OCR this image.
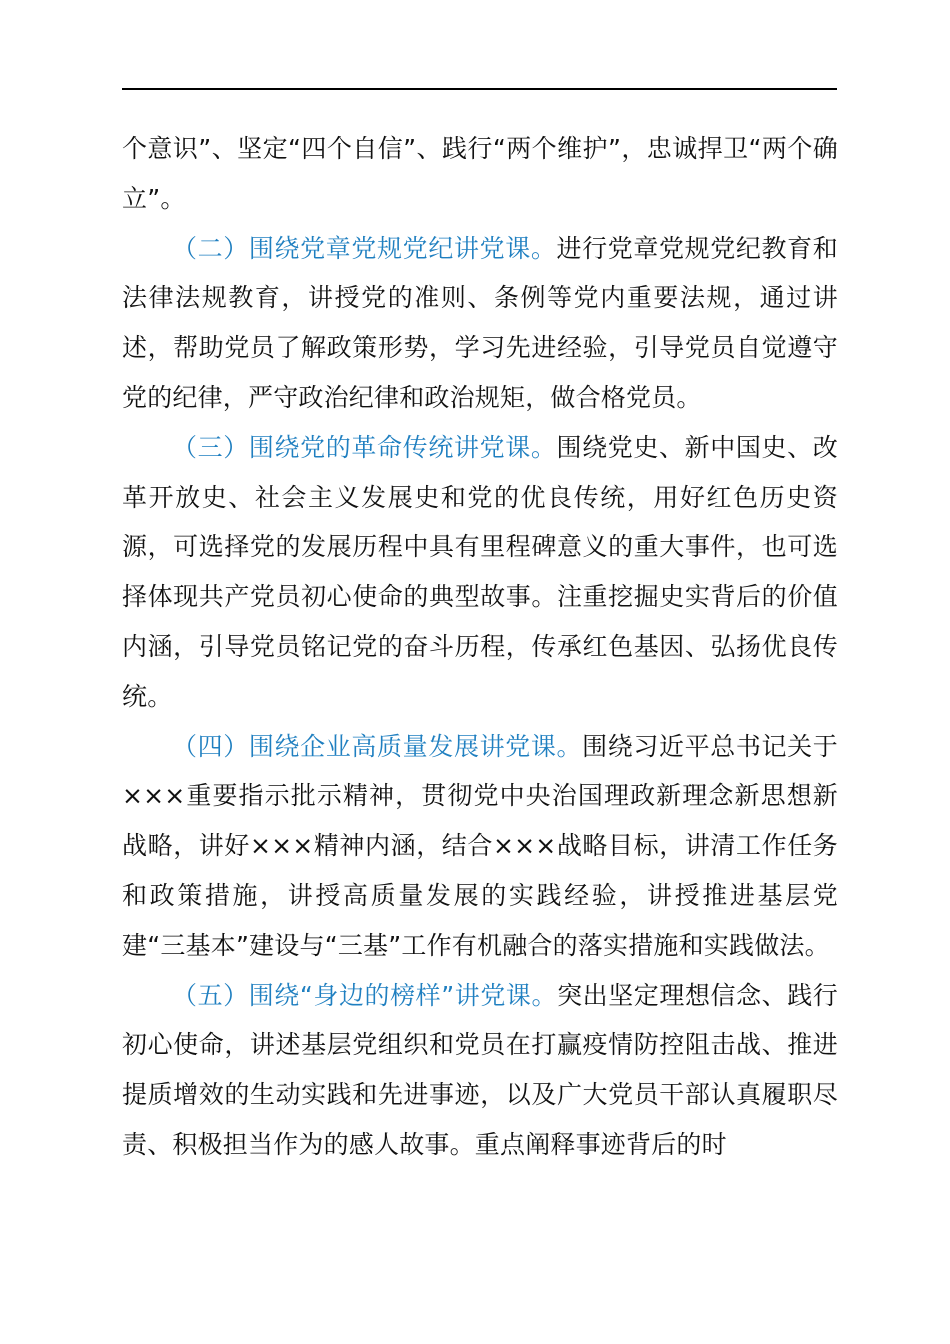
个意识”、坚定“四个自信”、践行“两个维护”，忠诚捍卫“两个确立”。

（二）围绕党章党规党纪讲党课。进行党章党规党纪教育和法律法规教育，讲授党的准则、条例等党内重要法规，通过讲述，帮助党员了解政策形势，学习先进经验，引导党员自觉遵守党的纪律，严守政治纪律和政治规矩，做合格党员。

（三）围绕党的革命传统讲党课。围绕党史、新中国史、改革开放史、社会主义发展史和党的优良传统，用好红色历史资源，可选择党的发展历程中具有里程碑意义的重大事件，也可选择体现共产党员初心使命的典型故事。注重挖掘史实背后的价值内涵，引导党员铭记党的奋斗历程，传承红色基因、弘扬优良传统。

（四）围绕企业高质量发展讲党课。围绕习近平总书记关于×××重要指示批示精神，贯彻党中央治国理政新理念新思想新战略，讲好×××精神内涵，结合×××战略目标，讲清工作任务和政策措施，讲授高质量发展的实践经验，讲授推进基层党建“三基本”建设与“三基”工作有机融合的落实措施和实践做法。

（五）围绕“身边的榜样”讲党课。突出坚定理想信念、践行初心使命，讲述基层党组织和党员在打赢疫情防控阻击战、推进提质增效的生动实践和先进事迹，以及广大党员干部认真履职尽责、积极担当作为的感人故事。重点阐释事迹背后的时
